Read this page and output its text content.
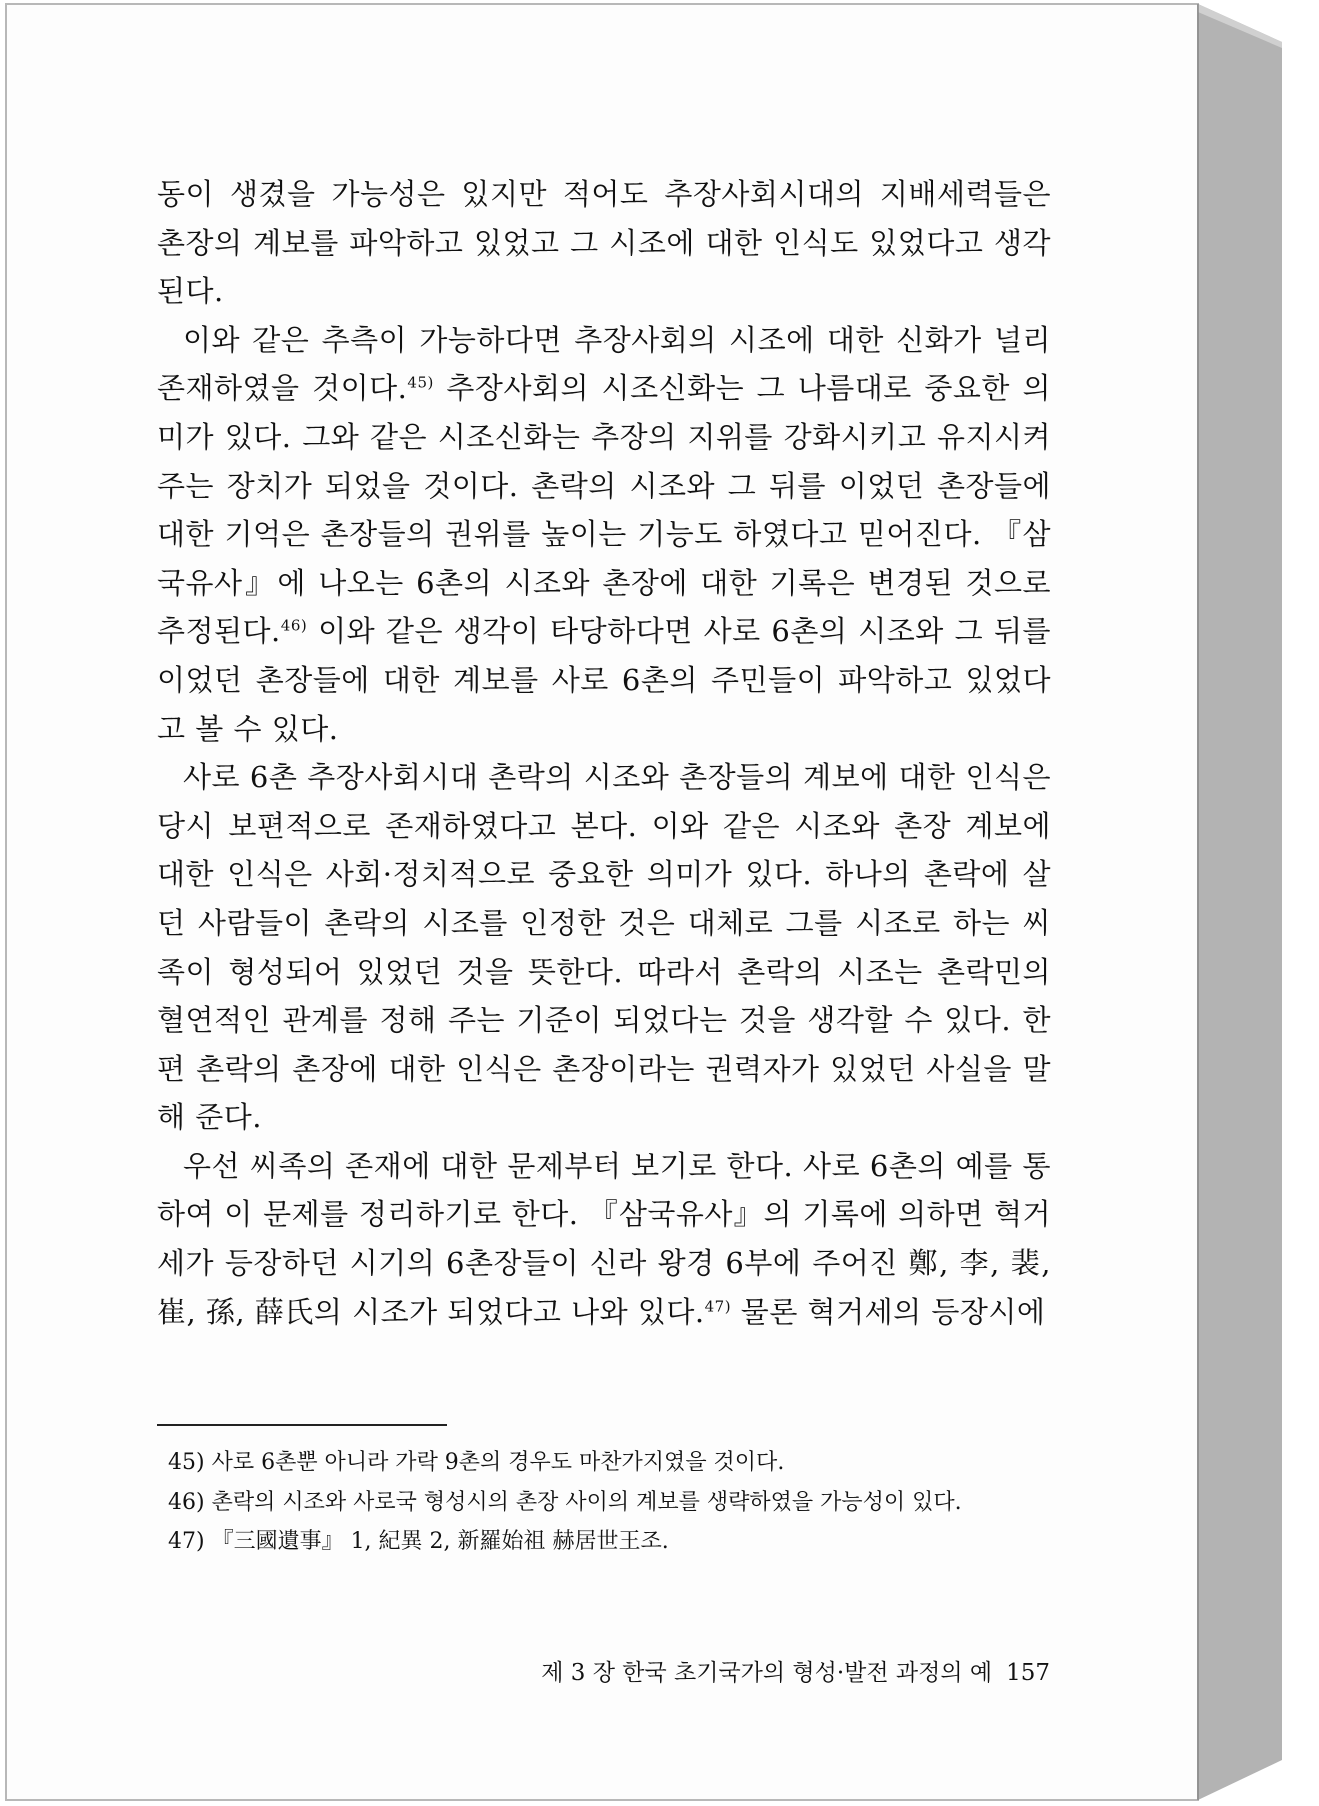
동이 생겼을 가능성은 있지만 적어도 추장사회시대의 지배세력들은 촌장의 계보를 파악하고 있었고 그 시조에 대한 인식도 있었다고 생각된다.

이와 같은 추측이 가능하다면 추장사회의 시조에 대한 신화가 널리 존재하였을 것이다.$^{45)}$ 추장사회의 시조신화는 그 나름대로 중요한 의미가 있다. 그와 같은 시조신화는 추장의 지위를 강화시키고 유지시켜 주는 장치가 되었을 것이다. 촌락의 시조와 그 뒤를 이었던 촌장들에 대한 기억은 촌장들의 권위를 높이는 기능도 하였다고 믿어진다. 『삼국유사』에 나오는 6촌의 시조와 촌장에 대한 기록은 변경된 것으로 추정된다.$^{46)}$ 이와 같은 생각이 타당하다면 사로 6촌의 시조와 그 뒤를 이었던 촌장들에 대한 계보를 사로 6촌의 주민들이 파악하고 있었다고 볼 수 있다.

사로 6촌 추장사회시대 촌락의 시조와 촌장들의 계보에 대한 인식은 당시 보편적으로 존재하였다고 본다. 이와 같은 시조와 촌장 계보에 대한 인식은 사회·정치적으로 중요한 의미가 있다. 하나의 촌락에 살던 사람들이 촌락의 시조를 인정한 것은 대체로 그를 시조로 하는 씨족이 형성되어 있었던 것을 뜻한다. 따라서 촌락의 시조는 촌락민의 혈연적인 관계를 정해 주는 기준이 되었다는 것을 생각할 수 있다. 한편 촌락의 촌장에 대한 인식은 촌장이라는 권력자가 있었던 사실을 말해 준다.

우선 씨족의 존재에 대한 문제부터 보기로 한다. 사로 6촌의 예를 통하여 이 문제를 정리하기로 한다. 『삼국유사』의 기록에 의하면 혁거세가 등장하던 시기의 6촌장들이 신라 왕경 6부에 주어진 鄭, 李, 裴, 崔, 孫, 薛氏의 시조가 되었다고 나와 있다.$^{47)}$ 물론 혁거세의 등장시에

45) 사로 6촌뿐 아니라 가락 9촌의 경우도 마찬가지였을 것이다.
46) 촌락의 시조와 사로국 형성시의 촌장 사이의 계보를 생략하였을 가능성이 있다.
47) 『三國遺事』 1, 紀異 2, 新羅始祖 赫居世王조.
제 3 장 한국 초기국가의 형성·발전 과정의 예 157
